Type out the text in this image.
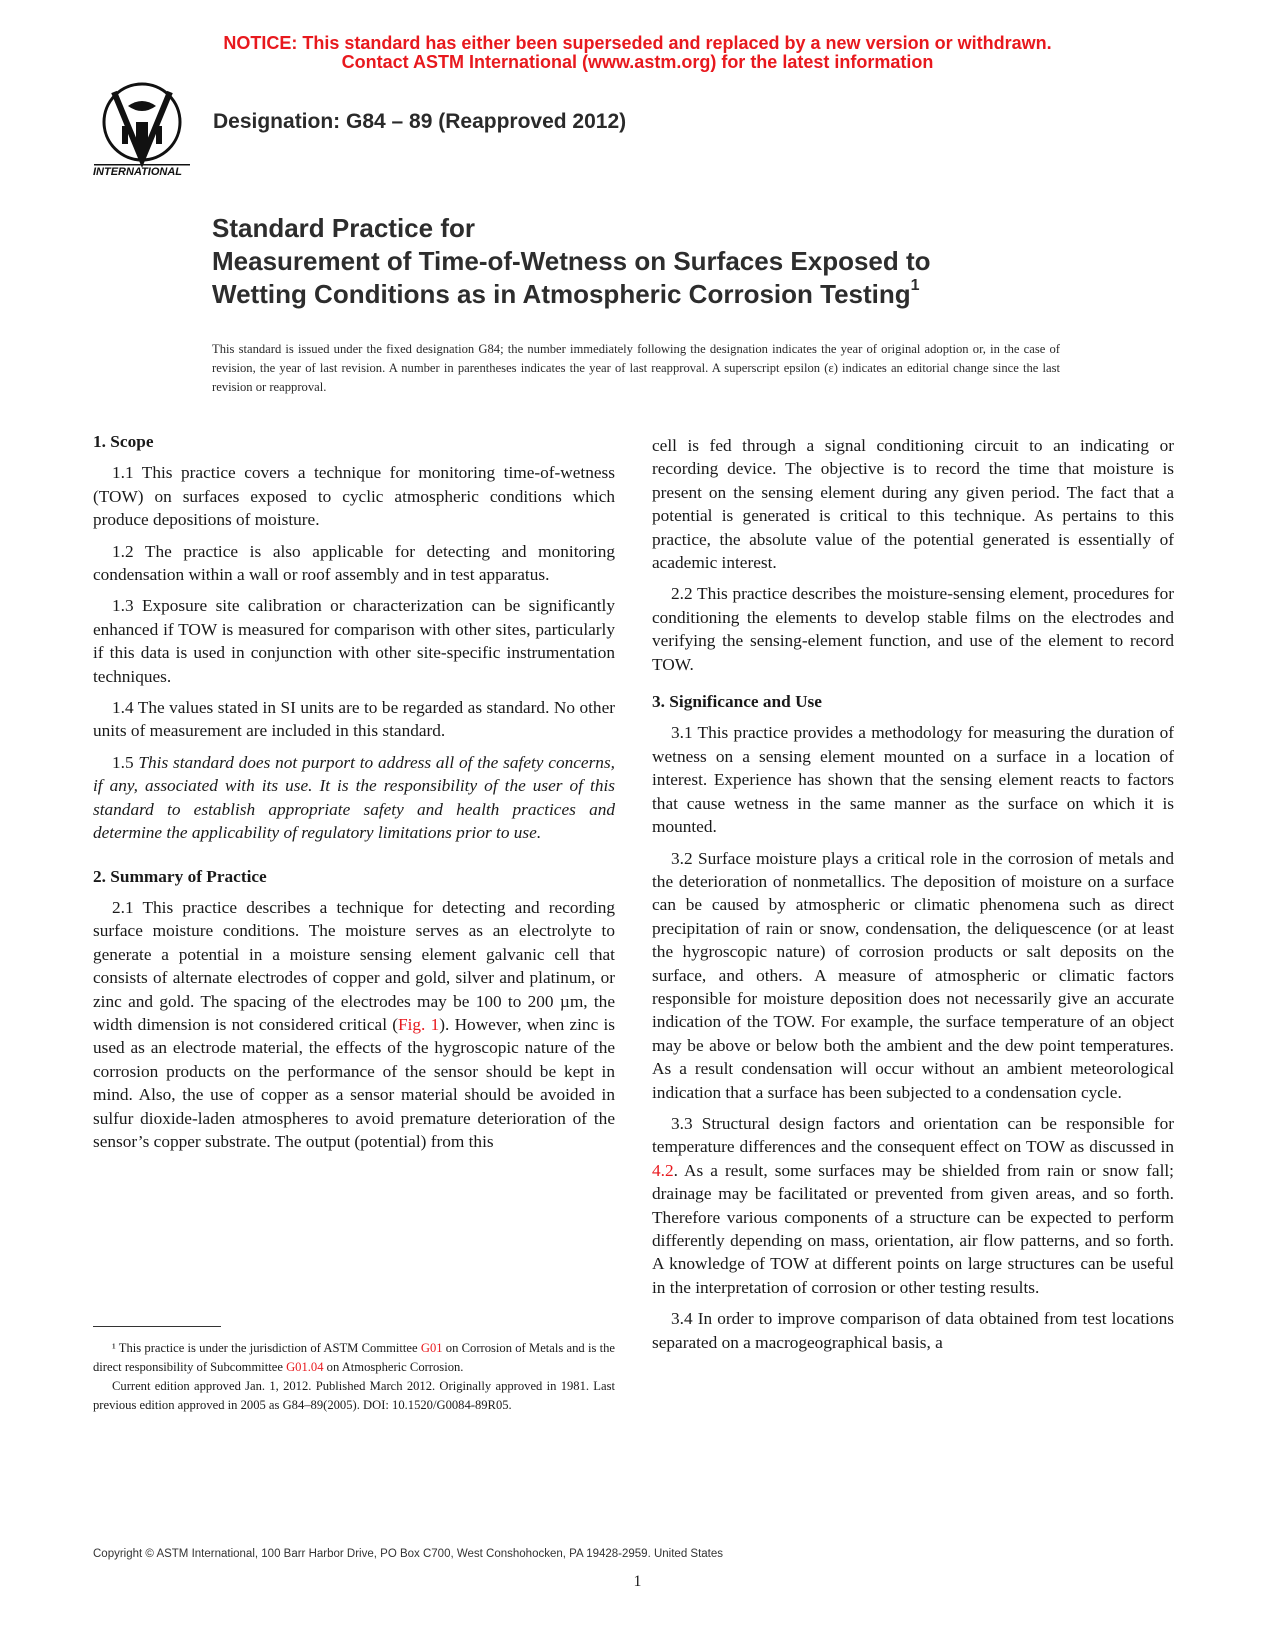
NOTICE: This standard has either been superseded and replaced by a new version or withdrawn.
Contact ASTM International (www.astm.org) for the latest information
INTERNATIONAL
Designation: G84 – 89 (Reapproved 2012)
Standard Practice for
Measurement of Time-of-Wetness on Surfaces Exposed to
Wetting Conditions as in Atmospheric Corrosion Testing$^1$
This standard is issued under the fixed designation G84; the number immediately following the designation indicates the year of original adoption or, in the case of revision, the year of last revision. A number in parentheses indicates the year of last reapproval. A superscript epsilon (ε) indicates an editorial change since the last revision or reapproval.
1. Scope

1.1 This practice covers a technique for monitoring time-of-wetness (TOW) on surfaces exposed to cyclic atmospheric conditions which produce depositions of moisture.

1.2 The practice is also applicable for detecting and monitoring condensation within a wall or roof assembly and in test apparatus.

1.3 Exposure site calibration or characterization can be significantly enhanced if TOW is measured for comparison with other sites, particularly if this data is used in conjunction with other site-specific instrumentation techniques.

1.4 The values stated in SI units are to be regarded as standard. No other units of measurement are included in this standard.

1.5 This standard does not purport to address all of the safety concerns, if any, associated with its use. It is the responsibility of the user of this standard to establish appropriate safety and health practices and determine the applicability of regulatory limitations prior to use.

2. Summary of Practice

2.1 This practice describes a technique for detecting and recording surface moisture conditions. The moisture serves as an electrolyte to generate a potential in a moisture sensing element galvanic cell that consists of alternate electrodes of copper and gold, silver and platinum, or zinc and gold. The spacing of the electrodes may be 100 to 200 µm, the width dimension is not considered critical (Fig. 1). However, when zinc is used as an electrode material, the effects of the hygroscopic nature of the corrosion products on the performance of the sensor should be kept in mind. Also, the use of copper as a sensor material should be avoided in sulfur dioxide-laden atmospheres to avoid premature deterioration of the sensor’s copper substrate. The output (potential) from this

¹ This practice is under the jurisdiction of ASTM Committee G01 on Corrosion of Metals and is the direct responsibility of Subcommittee G01.04 on Atmospheric Corrosion.

Current edition approved Jan. 1, 2012. Published March 2012. Originally approved in 1981. Last previous edition approved in 2005 as G84–89(2005). DOI: 10.1520/G0084-89R05.

cell is fed through a signal conditioning circuit to an indicating or recording device. The objective is to record the time that moisture is present on the sensing element during any given period. The fact that a potential is generated is critical to this technique. As pertains to this practice, the absolute value of the potential generated is essentially of academic interest.

2.2 This practice describes the moisture-sensing element, procedures for conditioning the elements to develop stable films on the electrodes and verifying the sensing-element function, and use of the element to record TOW.

3. Significance and Use

3.1 This practice provides a methodology for measuring the duration of wetness on a sensing element mounted on a surface in a location of interest. Experience has shown that the sensing element reacts to factors that cause wetness in the same manner as the surface on which it is mounted.

3.2 Surface moisture plays a critical role in the corrosion of metals and the deterioration of nonmetallics. The deposition of moisture on a surface can be caused by atmospheric or climatic phenomena such as direct precipitation of rain or snow, condensation, the deliquescence (or at least the hygroscopic nature) of corrosion products or salt deposits on the surface, and others. A measure of atmospheric or climatic factors responsible for moisture deposition does not necessarily give an accurate indication of the TOW. For example, the surface temperature of an object may be above or below both the ambient and the dew point temperatures. As a result condensation will occur without an ambient meteorological indication that a surface has been subjected to a condensation cycle.

3.3 Structural design factors and orientation can be responsible for temperature differences and the consequent effect on TOW as discussed in 4.2. As a result, some surfaces may be shielded from rain or snow fall; drainage may be facilitated or prevented from given areas, and so forth. Therefore various components of a structure can be expected to perform differently depending on mass, orientation, air flow patterns, and so forth. A knowledge of TOW at different points on large structures can be useful in the interpretation of corrosion or other testing results.

3.4 In order to improve comparison of data obtained from test locations separated on a macrogeographical basis, a

Copyright © ASTM International, 100 Barr Harbor Drive, PO Box C700, West Conshohocken, PA 19428-2959. United States
1
